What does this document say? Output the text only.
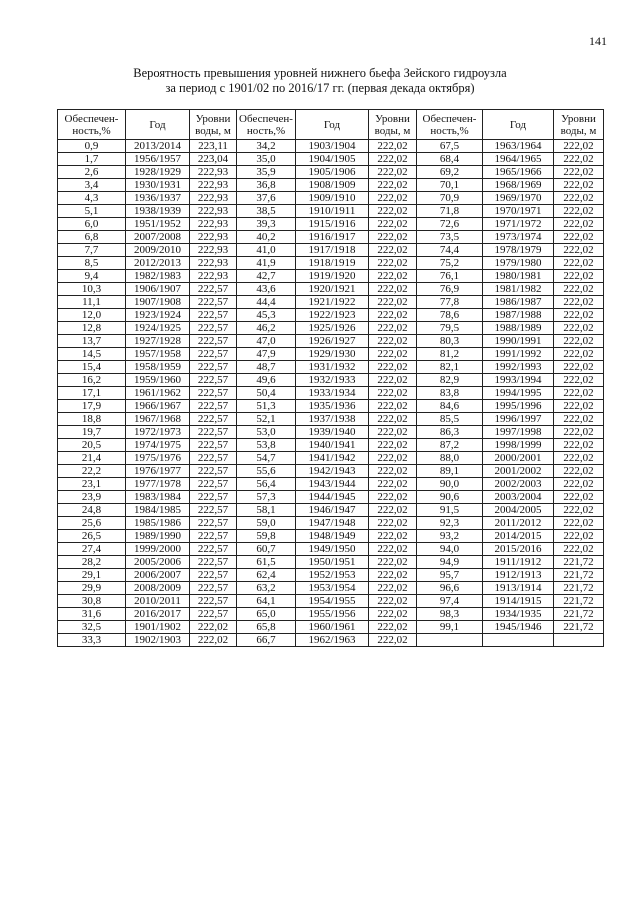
141
Вероятность превышения уровней нижнего бьефа Зейского гидроузла
за период с 1901/02 по 2016/17 гг. (первая декада октября)
Обеспечен-ность,%	Год	Уровни воды, м	Обеспечен-ность,%	Год	Уровни воды, м	Обеспечен-ность,%	Год	Уровни воды, м
0,9	2013/2014	223,11	34,2	1903/1904	222,02	67,5	1963/1964	222,02
1,7	1956/1957	223,04	35,0	1904/1905	222,02	68,4	1964/1965	222,02
2,6	1928/1929	222,93	35,9	1905/1906	222,02	69,2	1965/1966	222,02
3,4	1930/1931	222,93	36,8	1908/1909	222,02	70,1	1968/1969	222,02
4,3	1936/1937	222,93	37,6	1909/1910	222,02	70,9	1969/1970	222,02
5,1	1938/1939	222,93	38,5	1910/1911	222,02	71,8	1970/1971	222,02
6,0	1951/1952	222,93	39,3	1915/1916	222,02	72,6	1971/1972	222,02
6,8	2007/2008	222,93	40,2	1916/1917	222,02	73,5	1973/1974	222,02
7,7	2009/2010	222,93	41,0	1917/1918	222,02	74,4	1978/1979	222,02
8,5	2012/2013	222,93	41,9	1918/1919	222,02	75,2	1979/1980	222,02
9,4	1982/1983	222,93	42,7	1919/1920	222,02	76,1	1980/1981	222,02
10,3	1906/1907	222,57	43,6	1920/1921	222,02	76,9	1981/1982	222,02
11,1	1907/1908	222,57	44,4	1921/1922	222,02	77,8	1986/1987	222,02
12,0	1923/1924	222,57	45,3	1922/1923	222,02	78,6	1987/1988	222,02
12,8	1924/1925	222,57	46,2	1925/1926	222,02	79,5	1988/1989	222,02
13,7	1927/1928	222,57	47,0	1926/1927	222,02	80,3	1990/1991	222,02
14,5	1957/1958	222,57	47,9	1929/1930	222,02	81,2	1991/1992	222,02
15,4	1958/1959	222,57	48,7	1931/1932	222,02	82,1	1992/1993	222,02
16,2	1959/1960	222,57	49,6	1932/1933	222,02	82,9	1993/1994	222,02
17,1	1961/1962	222,57	50,4	1933/1934	222,02	83,8	1994/1995	222,02
17,9	1966/1967	222,57	51,3	1935/1936	222,02	84,6	1995/1996	222,02
18,8	1967/1968	222,57	52,1	1937/1938	222,02	85,5	1996/1997	222,02
19,7	1972/1973	222,57	53,0	1939/1940	222,02	86,3	1997/1998	222,02
20,5	1974/1975	222,57	53,8	1940/1941	222,02	87,2	1998/1999	222,02
21,4	1975/1976	222,57	54,7	1941/1942	222,02	88,0	2000/2001	222,02
22,2	1976/1977	222,57	55,6	1942/1943	222,02	89,1	2001/2002	222,02
23,1	1977/1978	222,57	56,4	1943/1944	222,02	90,0	2002/2003	222,02
23,9	1983/1984	222,57	57,3	1944/1945	222,02	90,6	2003/2004	222,02
24,8	1984/1985	222,57	58,1	1946/1947	222,02	91,5	2004/2005	222,02
25,6	1985/1986	222,57	59,0	1947/1948	222,02	92,3	2011/2012	222,02
26,5	1989/1990	222,57	59,8	1948/1949	222,02	93,2	2014/2015	222,02
27,4	1999/2000	222,57	60,7	1949/1950	222,02	94,0	2015/2016	222,02
28,2	2005/2006	222,57	61,5	1950/1951	222,02	94,9	1911/1912	221,72
29,1	2006/2007	222,57	62,4	1952/1953	222,02	95,7	1912/1913	221,72
29,9	2008/2009	222,57	63,2	1953/1954	222,02	96,6	1913/1914	221,72
30,8	2010/2011	222,57	64,1	1954/1955	222,02	97,4	1914/1915	221,72
31,6	2016/2017	222,57	65,0	1955/1956	222,02	98,3	1934/1935	221,72
32,5	1901/1902	222,02	65,8	1960/1961	222,02	99,1	1945/1946	221,72
33,3	1902/1903	222,02	66,7	1962/1963	222,02			
